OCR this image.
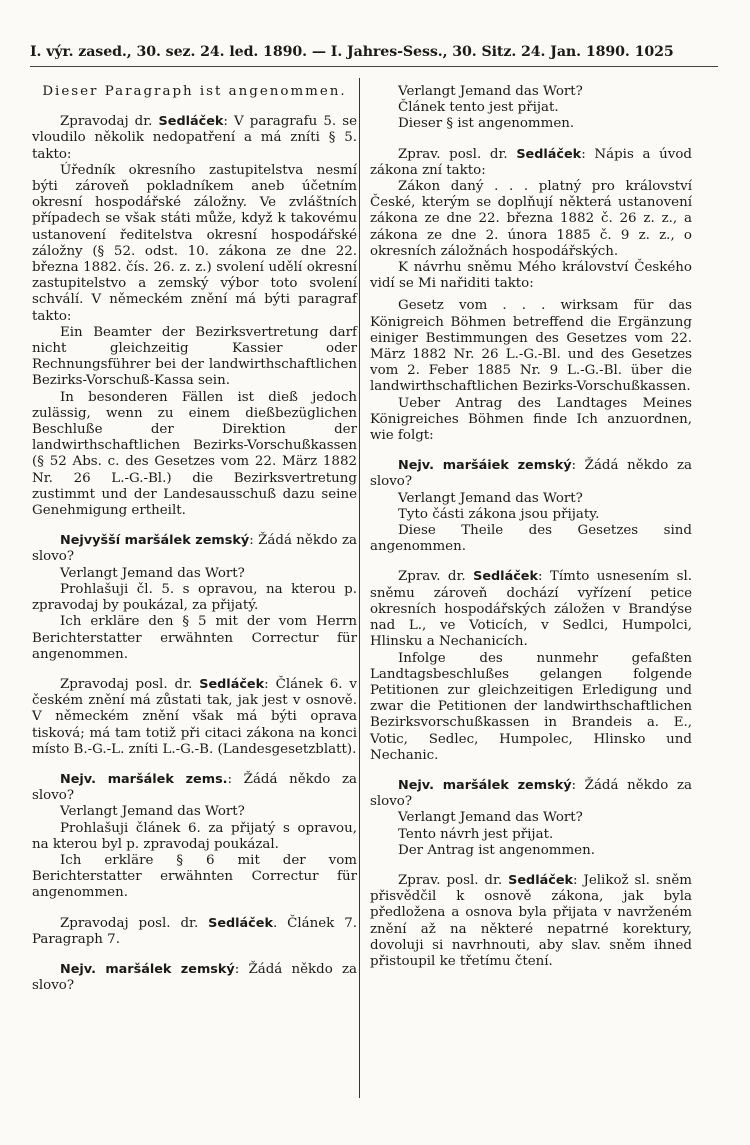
I. výr. zased., 30. sez. 24. led. 1890. — I. Jahres-Sess., 30. Sitz. 24. Jan. 1890. 1025

Dieser Paragraph ist angenommen.

Zpravodaj dr. Sedláček: V paragrafu 5. se vloudilo několik nedopatření a má zníti § 5. takto:

Úředník okresního zastupitelstva nesmí býti zároveň pokladníkem aneb účetním okresní hospodářské záložny. Ve zvláštních případech se však státi může, když k takovému ustanovení ředitelstva okresní hospodářské záložny (§ 52. odst. 10. zákona ze dne 22. března 1882. čís. 26. z. z.) svolení udělí okresní zastupitelstvo a zemský výbor toto svolení schválí. V německém znění má býti paragraf takto:

Ein Beamter der Bezirksvertretung darf nicht gleichzeitig Kassier oder Rechnungsführer bei der landwirthschaftlichen Bezirks-Vorschuß-Kassa sein.

In besonderen Fällen ist dieß jedoch zulässig, wenn zu einem dießbezüglichen Beschluße der Direktion der landwirthschaftlichen Bezirks-Vorschußkassen (§ 52 Abs. c. des Gesetzes vom 22. März 1882 Nr. 26 L.-G.-Bl.) die Bezirksvertretung zustimmt und der Landesausschuß dazu seine Genehmigung ertheilt.

Nejvyšší maršálek zemský: Žádá někdo za slovo?

Verlangt Jemand das Wort?

Prohlašuji čl. 5. s opravou, na kterou p. zpravodaj by poukázal, za přijatý.

Ich erkläre den § 5 mit der vom Herrn Berichterstatter erwähnten Correctur für angenommen.

Zpravodaj posl. dr. Sedláček: Článek 6. v českém znění má zůstati tak, jak jest v osnově. V německém znění však má býti oprava tisková; má tam totiž při citaci zákona na konci místo B.-G.-L. zníti L.-G.-B. (Landesgesetzblatt).

Nejv. maršálek zems.: Žádá někdo za slovo?

Verlangt Jemand das Wort?

Prohlašuji článek 6. za přijatý s opravou, na kterou byl p. zpravodaj poukázal.

Ich erkläre § 6 mit der vom Berichterstatter erwähnten Correctur für angenommen.

Zpravodaj posl. dr. Sedláček. Článek 7. Paragraph 7.

Nejv. maršálek zemský: Žádá někdo za slovo?

Verlangt Jemand das Wort?

Článek tento jest přijat.

Dieser § ist angenommen.

Zprav. posl. dr. Sedláček: Nápis a úvod zákona zní takto:

Zákon daný . . . platný pro království České, kterým se doplňují některá ustanovení zákona ze dne 22. března 1882 č. 26 z. z., a zákona ze dne 2. února 1885 č. 9 z. z., o okresních záložnách hospodářských.

K návrhu sněmu Mého království Českého vidí se Mi nařiditi takto:

Gesetz vom . . . wirksam für das Königreich Böhmen betreffend die Ergänzung einiger Bestimmungen des Gesetzes vom 22. März 1882 Nr. 26 L.-G.-Bl. und des Gesetzes vom 2. Feber 1885 Nr. 9 L.-G.-Bl. über die landwirthschaftlichen Bezirks-Vorschußkassen.

Ueber Antrag des Landtages Meines Königreiches Böhmen finde Ich anzuordnen, wie folgt:

Nejv. maršáiek zemský: Žádá někdo za slovo?

Verlangt Jemand das Wort?

Tyto části zákona jsou přijaty.

Diese Theile des Gesetzes sind angenommen.

Zprav. dr. Sedláček: Tímto usnesením sl. sněmu zároveň dochází vyřízení petice okresních hospodářských záložen v Brandýse nad L., ve Voticích, v Sedlci, Humpolci, Hlinsku a Nechanicích.

Infolge des nunmehr gefaßten Landtagsbeschlußes gelangen folgende Petitionen zur gleichzeitigen Erledigung und zwar die Petitionen der landwirthschaftlichen Bezirksvorschußkassen in Brandeis a. E., Votic, Sedlec, Humpolec, Hlinsko und Nechanic.

Nejv. maršálek zemský: Žádá někdo za slovo?

Verlangt Jemand das Wort?

Tento návrh jest přijat.

Der Antrag ist angenommen.

Zprav. posl. dr. Sedláček: Jelikož sl. sněm přisvědčil k osnově zákona, jak byla předložena a osnova byla přijata v navrženém znění až na některé nepatrné korektury, dovoluji si navrhnouti, aby slav. sněm ihned přistoupil ke třetímu čtení.
